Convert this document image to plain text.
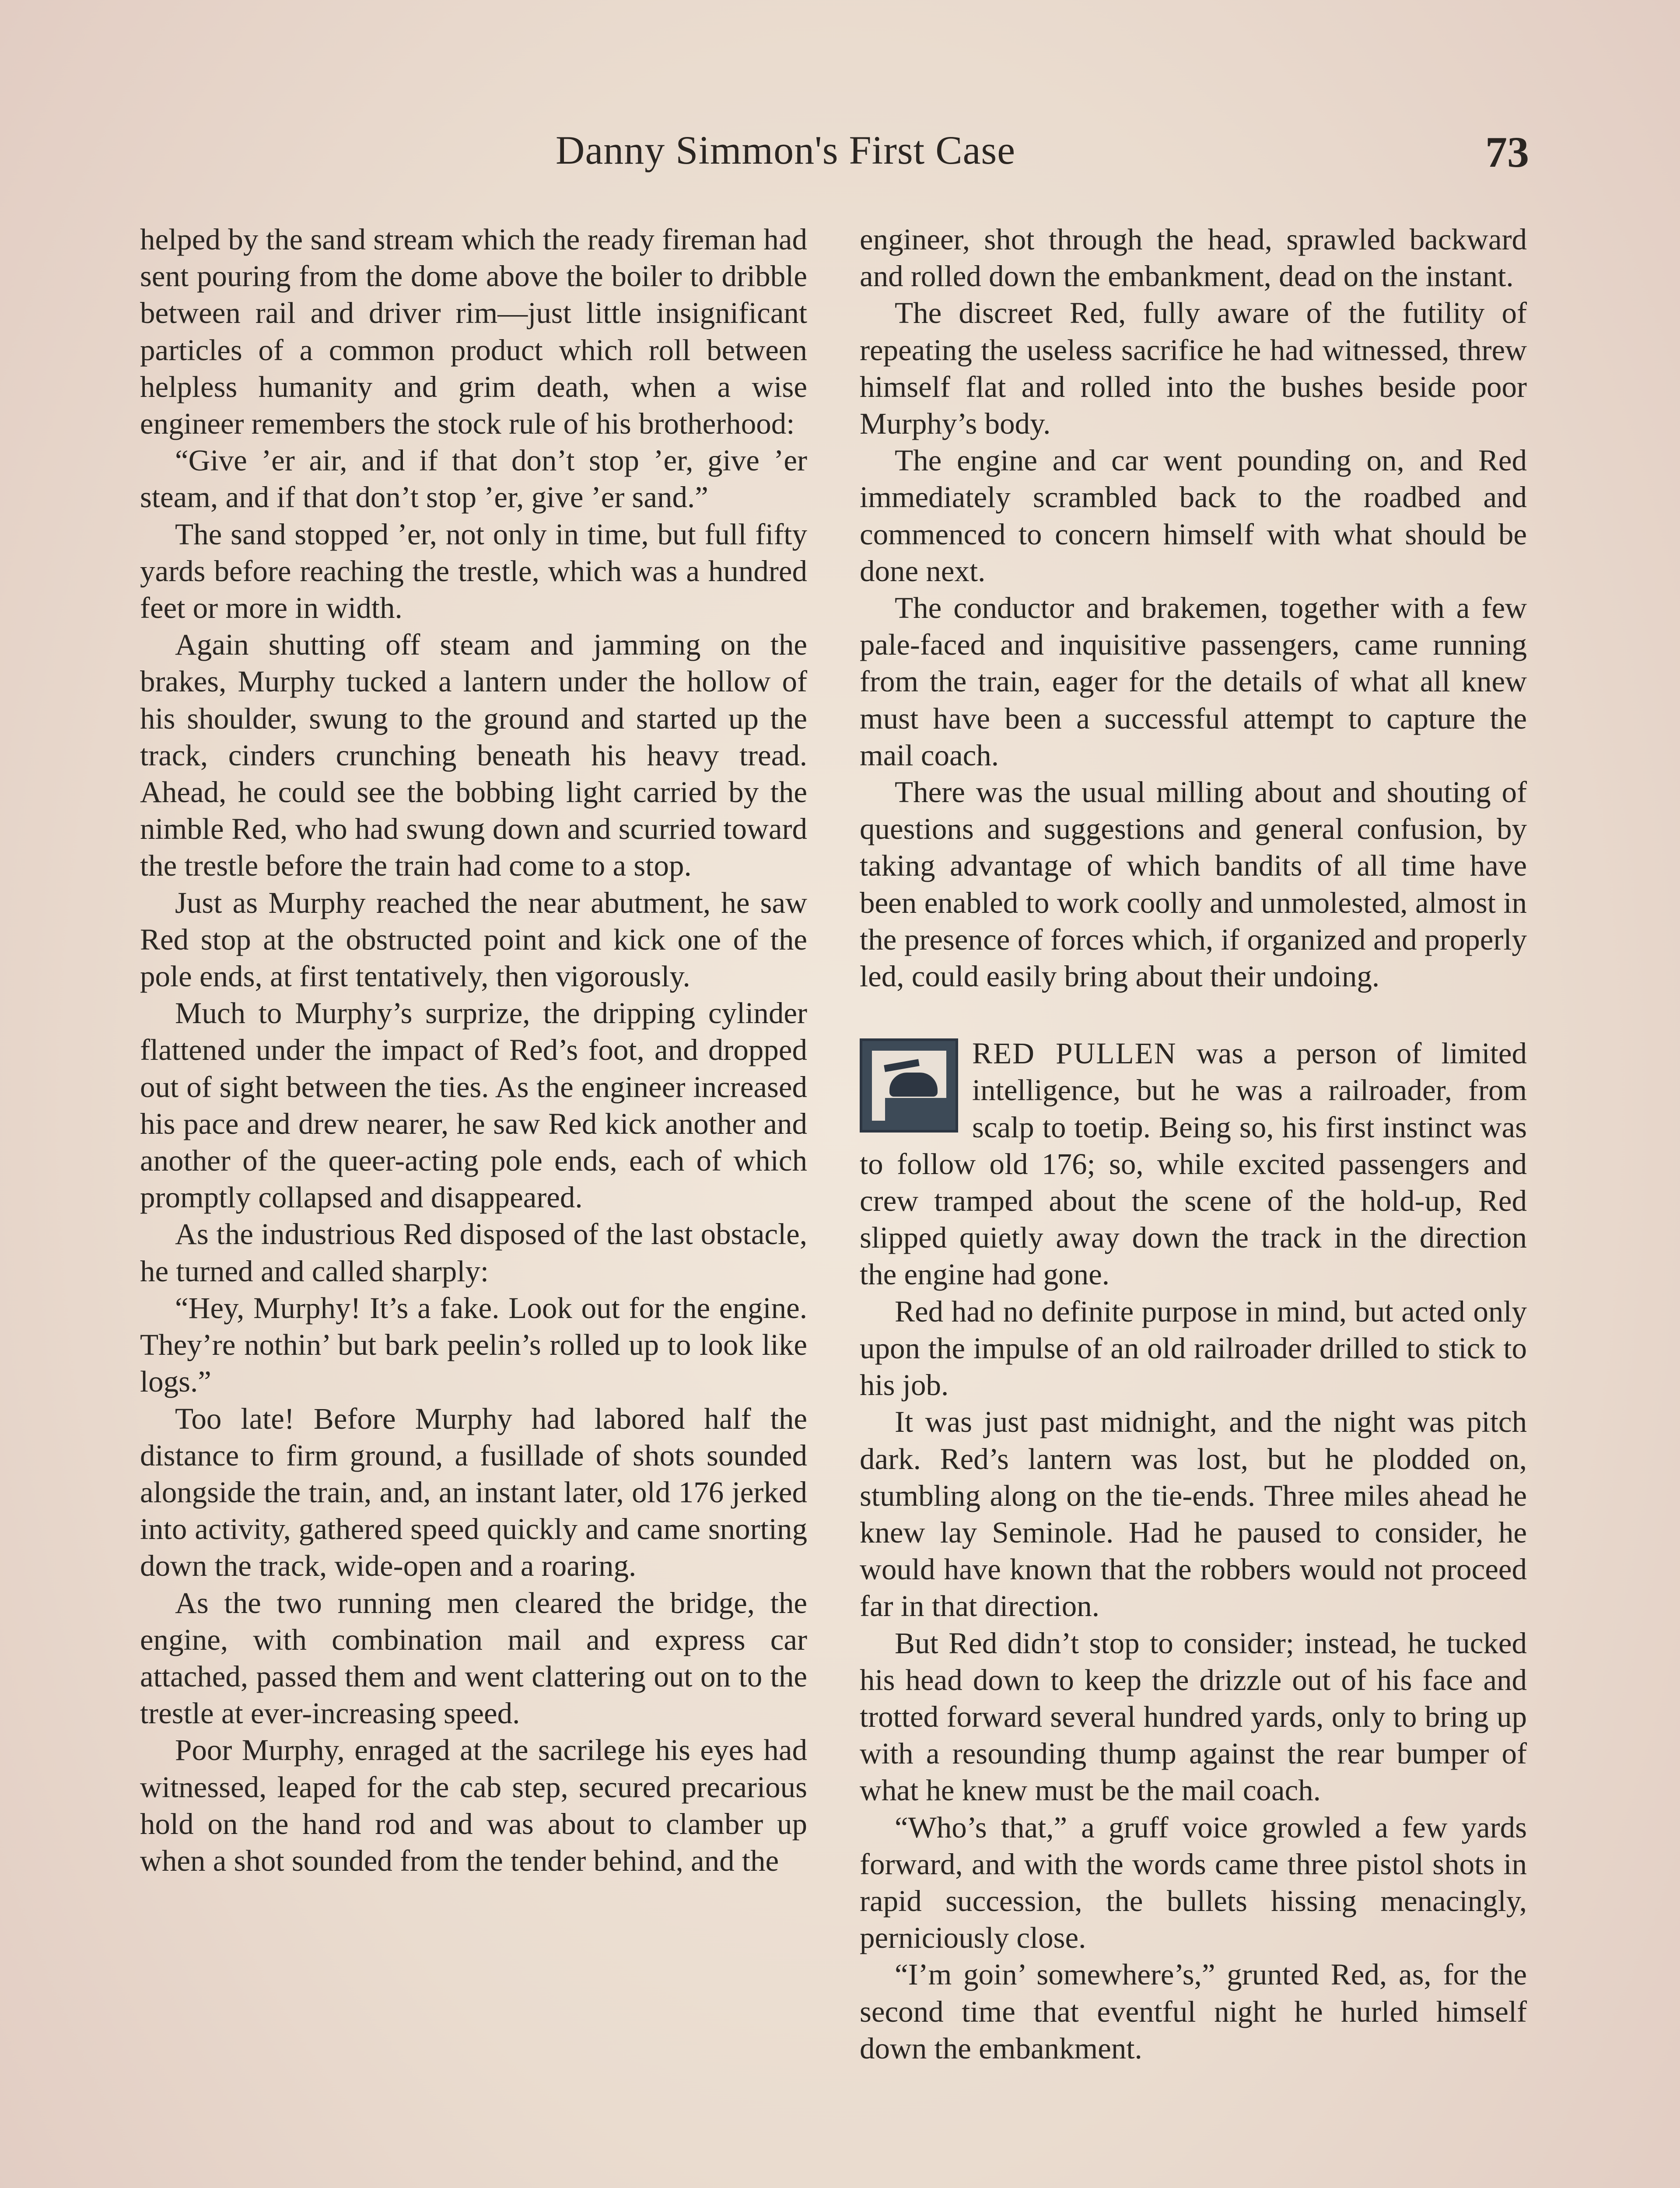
Danny Simmon's First Case	73

helped by the sand stream which the ready fireman had sent pouring from the dome above the boiler to dribble between rail and driver rim—just little insignificant particles of a common product which roll between helpless humanity and grim death, when a wise engineer remembers the stock rule of his brotherhood:

“Give ’er air, and if that don’t stop ’er, give ’er steam, and if that don’t stop ’er, give ’er sand.”

The sand stopped ’er, not only in time, but full fifty yards before reaching the trestle, which was a hundred feet or more in width.

Again shutting off steam and jamming on the brakes, Murphy tucked a lantern under the hollow of his shoulder, swung to the ground and started up the track, cinders crunching beneath his heavy tread. Ahead, he could see the bobbing light carried by the nimble Red, who had swung down and scurried toward the trestle before the train had come to a stop.

Just as Murphy reached the near abutment, he saw Red stop at the obstructed point and kick one of the pole ends, at first tentatively, then vigorously.

Much to Murphy’s surprize, the dripping cylinder flattened under the impact of Red’s foot, and dropped out of sight between the ties. As the engineer increased his pace and drew nearer, he saw Red kick another and another of the queer-acting pole ends, each of which promptly collapsed and disappeared.

As the industrious Red disposed of the last obstacle, he turned and called sharply:

“Hey, Murphy! It’s a fake. Look out for the engine. They’re nothin’ but bark peelin’s rolled up to look like logs.”

Too late! Before Murphy had labored half the distance to firm ground, a fusillade of shots sounded alongside the train, and, an instant later, old 176 jerked into activity, gathered speed quickly and came snorting down the track, wide-open and a roaring.

As the two running men cleared the bridge, the engine, with combination mail and express car attached, passed them and went clattering out on to the trestle at ever-increasing speed.

Poor Murphy, enraged at the sacrilege his eyes had witnessed, leaped for the cab step, secured precarious hold on the hand rod and was about to clamber up when a shot sounded from the tender behind, and the

engineer, shot through the head, sprawled backward and rolled down the embankment, dead on the instant.

The discreet Red, fully aware of the futility of repeating the useless sacrifice he had witnessed, threw himself flat and rolled into the bushes beside poor Murphy’s body.

The engine and car went pounding on, and Red immediately scrambled back to the roadbed and commenced to concern himself with what should be done next.

The conductor and brakemen, together with a few pale-faced and inquisitive passengers, came running from the train, eager for the details of what all knew must have been a successful attempt to capture the mail coach.

There was the usual milling about and shouting of questions and suggestions and general confusion, by taking advantage of which bandits of all time have been enabled to work coolly and unmolested, almost in the presence of forces which, if organized and properly led, could easily bring about their undoing.

RED PULLEN was a person of limited intelligence, but he was a railroader, from scalp to toetip. Being so, his first instinct was to follow old 176; so, while excited passengers and crew tramped about the scene of the hold-up, Red slipped quietly away down the track in the direction the engine had gone.

Red had no definite purpose in mind, but acted only upon the impulse of an old railroader drilled to stick to his job.

It was just past midnight, and the night was pitch dark. Red’s lantern was lost, but he plodded on, stumbling along on the tie-ends. Three miles ahead he knew lay Seminole. Had he paused to consider, he would have known that the robbers would not proceed far in that direction.

But Red didn’t stop to consider; instead, he tucked his head down to keep the drizzle out of his face and trotted forward several hundred yards, only to bring up with a resounding thump against the rear bumper of what he knew must be the mail coach.

“Who’s that,” a gruff voice growled a few yards forward, and with the words came three pistol shots in rapid succession, the bullets hissing menacingly, perniciously close.

“I’m goin’ somewhere’s,” grunted Red, as, for the second time that eventful night he hurled himself down the embankment.
